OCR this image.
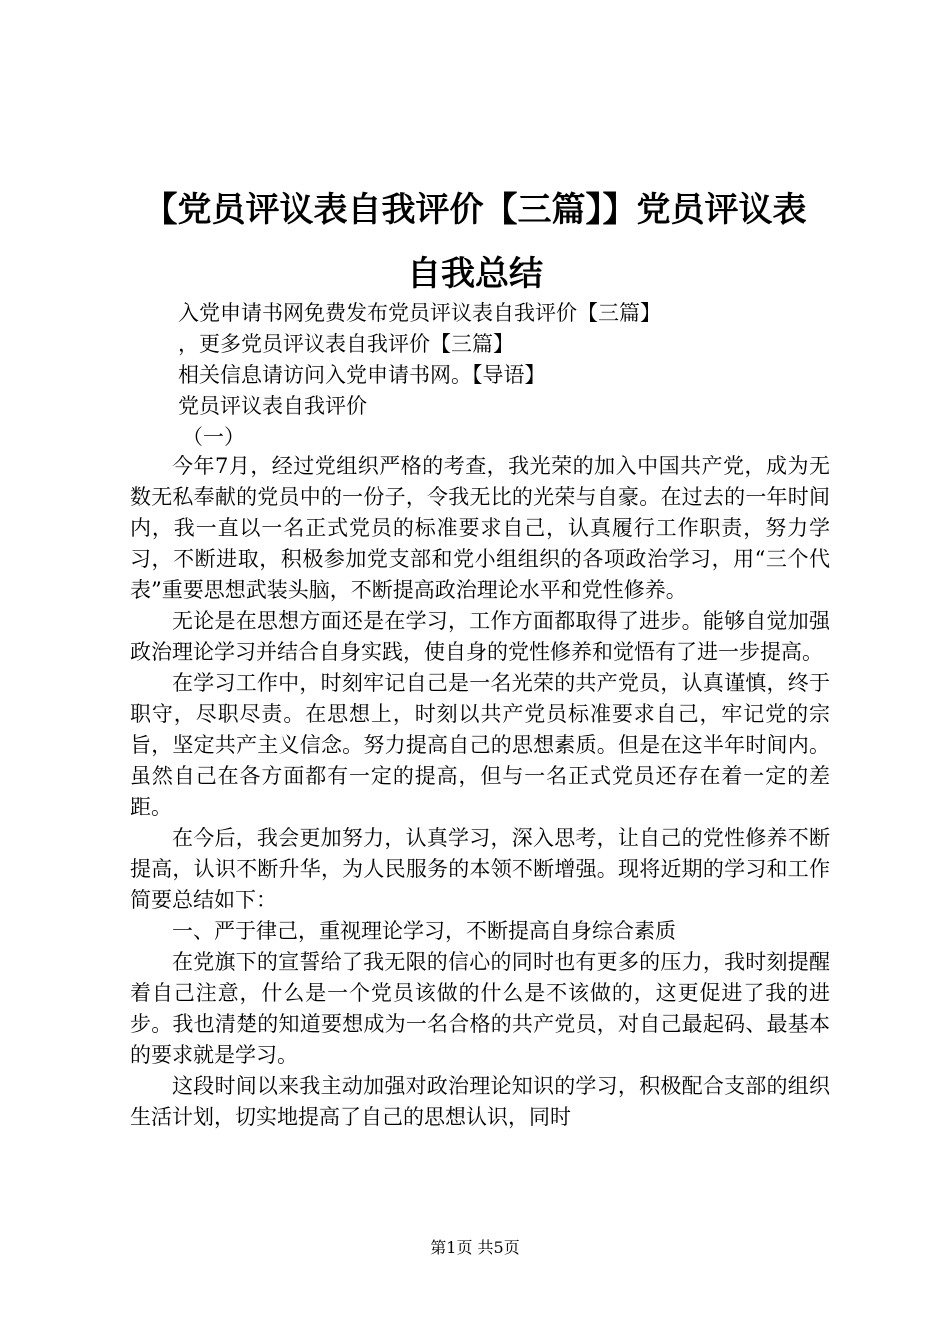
【党员评议表自我评价【三篇】】党员评议表
自我总结
入党申请书网免费发布党员评议表自我评价【三篇】
，更多党员评议表自我评价【三篇】
相关信息请访问入党申请书网。【导语】
党员评议表自我评价
（一）

今年7月，经过党组织严格的考查，我光荣的加入中国共产党，成为无数无私奉献的党员中的一份子，令我无比的光荣与自豪。在过去的一年时间内，我一直以一名正式党员的标准要求自己，认真履行工作职责，努力学习，不断进取，积极参加党支部和党小组组织的各项政治学习，用“三个代表”重要思想武装头脑，不断提高政治理论水平和党性修养。

无论是在思想方面还是在学习，工作方面都取得了进步。能够自觉加强政治理论学习并结合自身实践，使自身的党性修养和觉悟有了进一步提高。

在学习工作中，时刻牢记自己是一名光荣的共产党员，认真谨慎，终于职守，尽职尽责。在思想上，时刻以共产党员标准要求自己，牢记党的宗旨，坚定共产主义信念。努力提高自己的思想素质。但是在这半年时间内。虽然自己在各方面都有一定的提高，但与一名正式党员还存在着一定的差距。

在今后，我会更加努力，认真学习，深入思考，让自己的党性修养不断提高，认识不断升华，为人民服务的本领不断增强。现将近期的学习和工作简要总结如下：

一、严于律己，重视理论学习，不断提高自身综合素质

在党旗下的宣誓给了我无限的信心的同时也有更多的压力，我时刻提醒着自己注意，什么是一个党员该做的什么是不该做的，这更促进了我的进步。我也清楚的知道要想成为一名合格的共产党员，对自己最起码、最基本的要求就是学习。

这段时间以来我主动加强对政治理论知识的学习，积极配合支部的组织生活计划，切实地提高了自己的思想认识，同时

第1页 共5页
